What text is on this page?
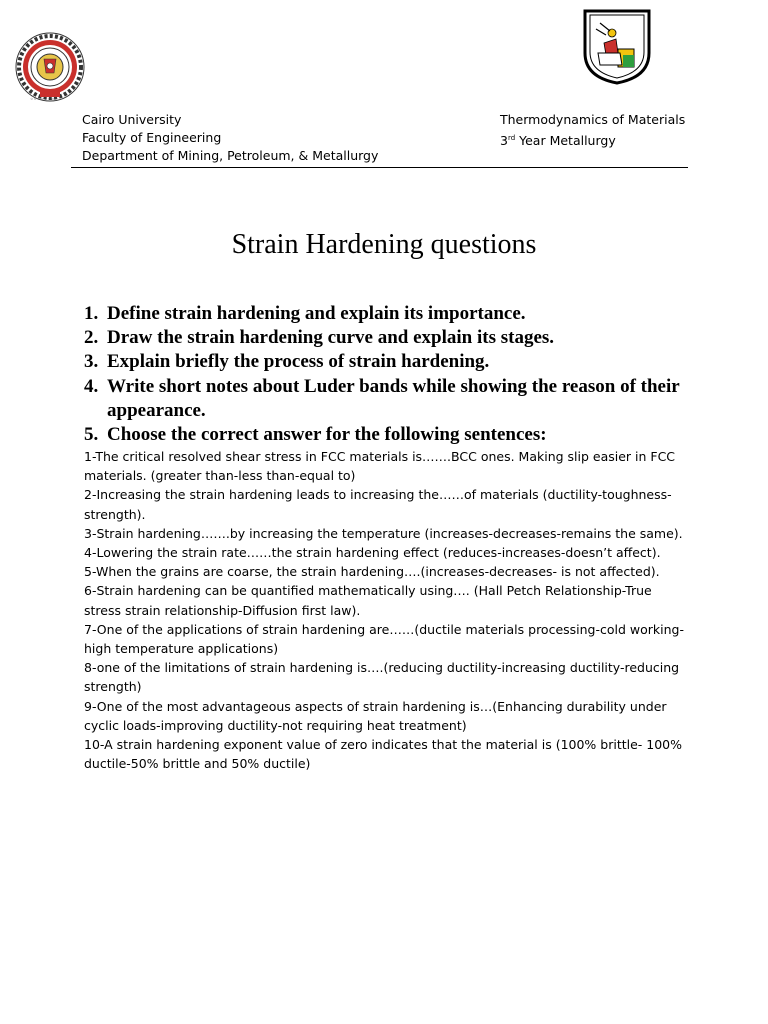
◦◦◦◦◦◦◦
Cairo University
Faculty of Engineering
Department of Mining, Petroleum, & Metallurgy
Thermodynamics of Materials
3rd Year Metallurgy
Strain Hardening questions
1. Define strain hardening and explain its importance.
2. Draw the strain hardening curve and explain its stages.
3. Explain briefly the process of strain hardening.
4. Write short notes about Luder bands while showing the reason of their appearance.
5. Choose the correct answer for the following sentences:
1-The critical resolved shear stress in FCC materials is…….BCC ones. Making slip easier in FCC materials. (greater than-less than-equal to)
2-Increasing the strain hardening leads to increasing the……of materials (ductility-toughness-strength).
3-Strain hardening…….by increasing the temperature (increases-decreases-remains the same).
4-Lowering the strain rate……the strain hardening effect (reduces-increases-doesn’t affect).
5-When the grains are coarse, the strain hardening….(increases-decreases- is not affected).
6-Strain hardening can be quantified mathematically using…. (Hall Petch Relationship-True stress strain relationship-Diffusion first law).
7-One of the applications of strain hardening are……(ductile materials processing-cold working-high temperature applications)
8-one of the limitations of strain hardening is….(reducing ductility-increasing ductility-reducing strength)
9-One of the most advantageous aspects of strain hardening is…(Enhancing durability under cyclic loads-improving ductility-not requiring heat treatment)
10-A strain hardening exponent value of zero indicates that the material is (100% brittle- 100% ductile-50% brittle and 50% ductile)
